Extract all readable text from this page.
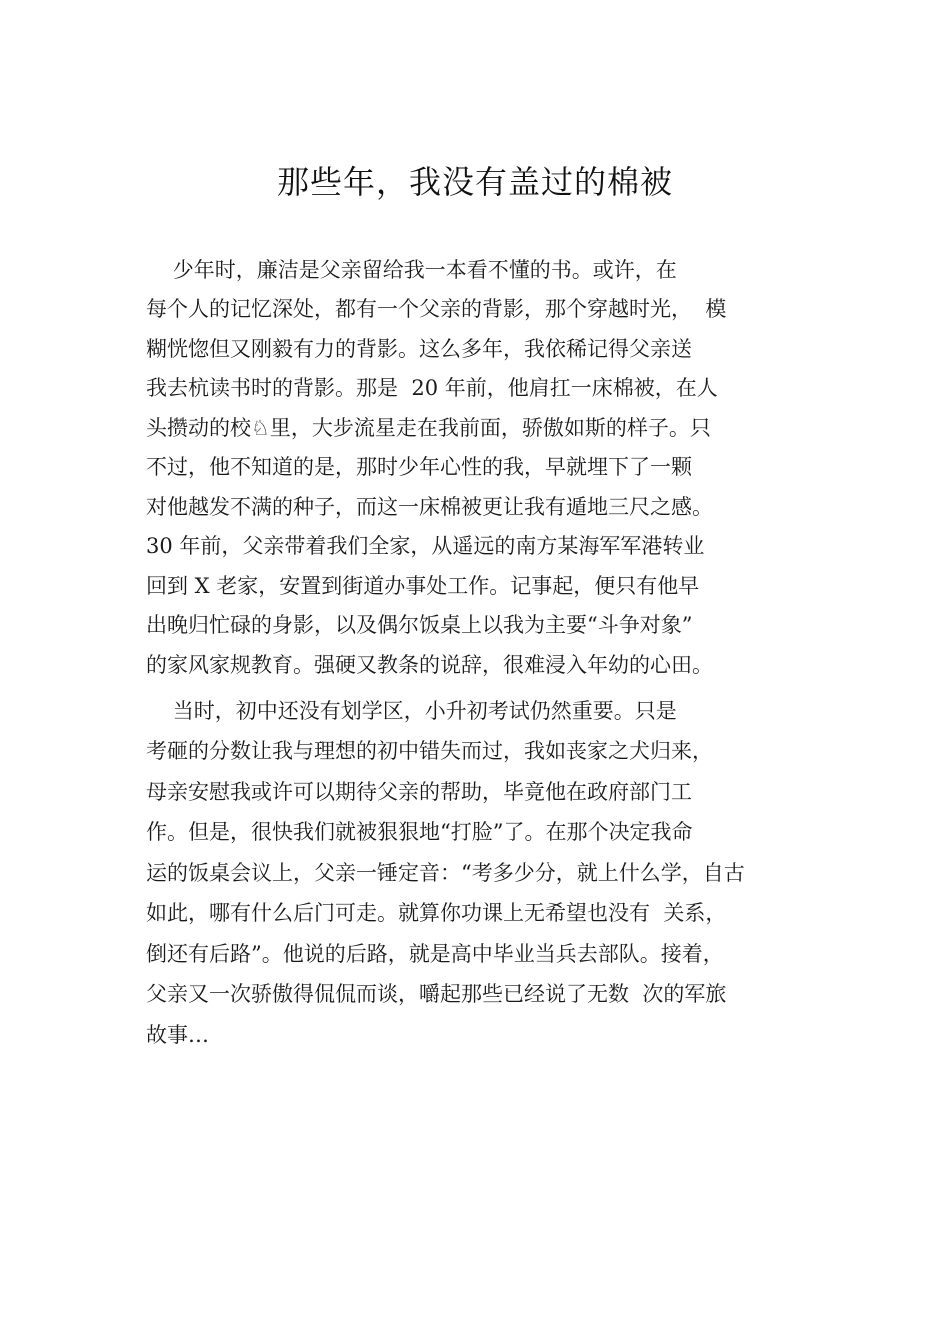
那些年，我没有盖过的棉被
少年时，廉洁是父亲留给我一本看不懂的书。或许，在
每个人的记忆深处，都有一个父亲的背影，那个穿越时光，  模
糊恍惚但又刚毅有力的背影。这么多年，我依稀记得父亲送
我去杭读书时的背影。那是  20 年前，他肩扛一床棉被，在人
头攒动的校♘里，大步流星走在我前面，骄傲如斯的样子。只
不过，他不知道的是，那时少年心性的我，早就埋下了一颗
对他越发不满的种子，而这一床棉被更让我有遁地三尺之感。
30 年前，父亲带着我们全家，从遥远的南方某海军军港转业
回到 X 老家，安置到街道办事处工作。记事起，便只有他早
出晚归忙碌的身影，以及偶尔饭桌上以我为主要“斗争对象”
的家风家规教育。强硬又教条的说辞，很难浸入年幼的心田。
当时，初中还没有划学区，小升初考试仍然重要。只是
考砸的分数让我与理想的初中错失而过，我如丧家之犬归来，
母亲安慰我或许可以期待父亲的帮助，毕竟他在政府部门工
作。但是，很快我们就被狠狠地“打脸”了。在那个决定我命
运的饭桌会议上，父亲一锤定音：“考多少分，就上什么学，自古
如此，哪有什么后门可走。就算你功课上无希望也没有  关系，
倒还有后路”。他说的后路，就是高中毕业当兵去部队。接着，
父亲又一次骄傲得侃侃而谈，嚼起那些已经说了无数  次的军旅
故事…
